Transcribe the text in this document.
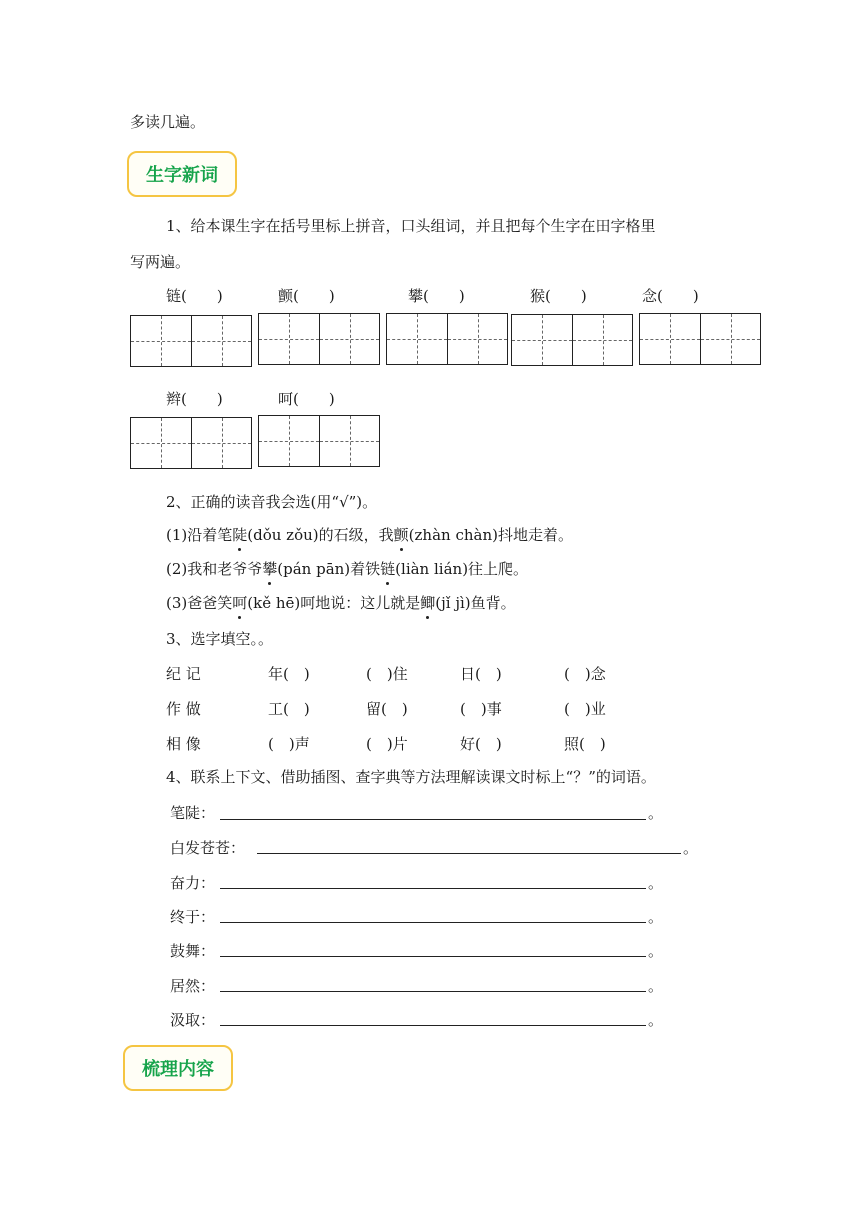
多读几遍。
生字新词
1、给本课生字在括号里标上拼音，口头组词，并且把每个生字在田字格里
写两遍。
链(　　)	颤(　　)	攀(　　)	猴(　　)	念(　　)
辫(　　)	呵(　　)
2、正确的读音我会选(用“√”)。
(1)沿着笔陡(dǒu zǒu)的石级，我颤(zhàn chàn)抖地走着。
(2)我和老爷爷攀(pán pān)着铁链(liàn lián)往上爬。
(3)爸爸笑呵(kě hē)呵地说：这儿就是鲫(jǐ jì)鱼背。
3、选字填空。。
纪 记	年(　)	(　)住	日(　)	(　)念
作 做	工(　)	留(　)	(　)事	(　)业
相 像	(　)声	(　)片	好(　)	照(　)
4、联系上下文、借助插图、查字典等方法理解读课文时标上“？”的词语。
笔陡：	。
白发苍苍：	。
奋力：	。
终于：	。
鼓舞：	。
居然：	。
汲取：	。
梳理内容
